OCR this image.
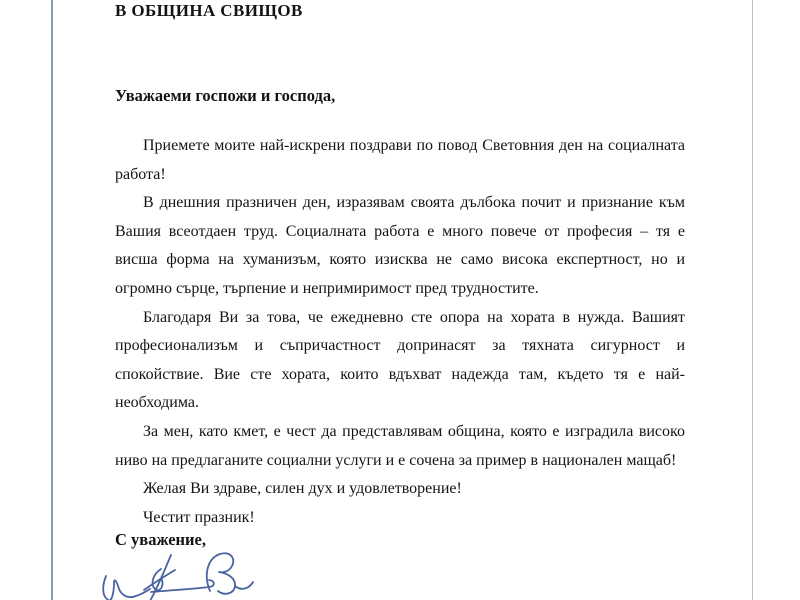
В ОБЩИНА СВИЩОВ
Уважаеми госпожи и господа,

Приемете моите най-искрени поздрави по повод Световния ден на социалната работа!

В днешния празничен ден, изразявам своята дълбока почит и признание към Вашия всеотдаен труд. Социалната работа е много повече от професия – тя е висша форма на хуманизъм, която изисква не само висока експертност, но и огромно сърце, търпение и непримиримост пред трудностите.

Благодаря Ви за това, че ежедневно сте опора на хората в нужда. Вашият професионализъм и съпричастност допринасят за тяхната сигурност и спокойствие. Вие сте хората, които вдъхват надежда там, където тя е най-необходима.

За мен, като кмет, е чест да представлявам община, която е изградила високо ниво на предлаганите социални услуги и е сочена за пример в национален мащаб!

Желая Ви здраве, силен дух и удовлетворение!

Честит празник!

С уважение,
